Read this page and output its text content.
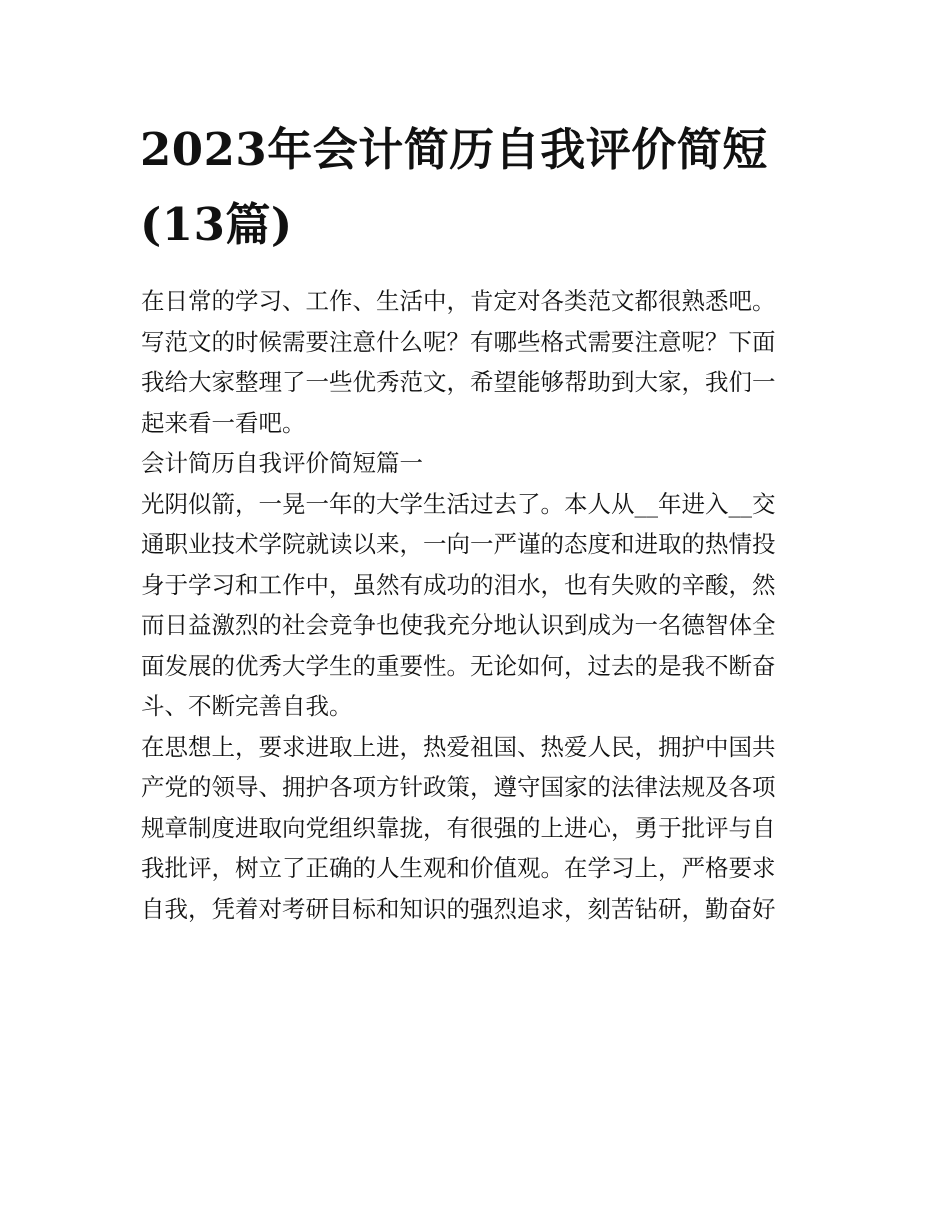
2023年会计简历自我评价简短
(13篇)
在日常的学习、工作、生活中，肯定对各类范文都很熟悉吧。
写范文的时候需要注意什么呢？有哪些格式需要注意呢？下面
我给大家整理了一些优秀范文，希望能够帮助到大家，我们一
起来看一看吧。
会计简历自我评价简短篇一
光阴似箭，一晃一年的大学生活过去了。本人从__年进入__交
通职业技术学院就读以来，一向一严谨的态度和进取的热情投
身于学习和工作中，虽然有成功的泪水，也有失败的辛酸，然
而日益激烈的社会竞争也使我充分地认识到成为一名德智体全
面发展的优秀大学生的重要性。无论如何，过去的是我不断奋
斗、不断完善自我。
在思想上，要求进取上进，热爱祖国、热爱人民，拥护中国共
产党的领导、拥护各项方针政策，遵守国家的法律法规及各项
规章制度进取向党组织靠拢，有很强的上进心，勇于批评与自
我批评，树立了正确的人生观和价值观。在学习上，严格要求
自我，凭着对考研目标和知识的强烈追求，刻苦钻研，勤奋好
